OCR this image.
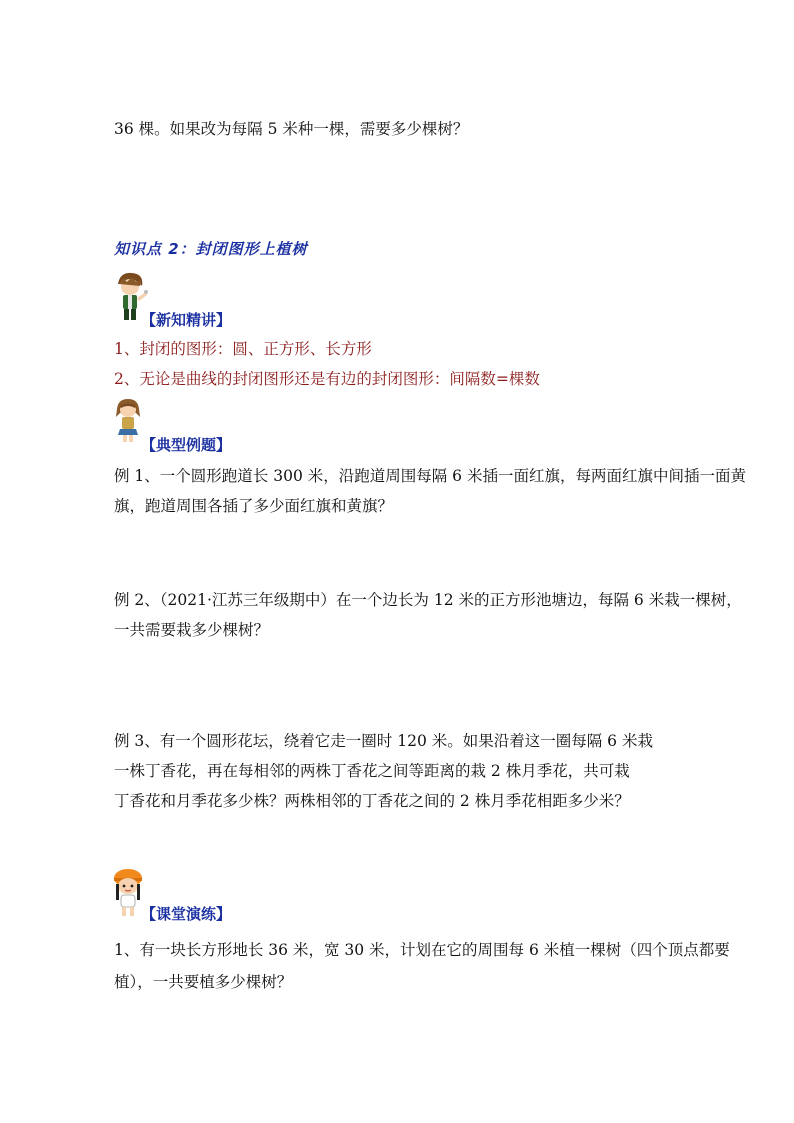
36 棵。如果改为每隔 5 米种一棵，需要多少棵树？
知识点 2：封闭图形上植树
【新知精讲】
1、封闭的图形：圆、正方形、长方形
2、无论是曲线的封闭图形还是有边的封闭图形：间隔数=棵数
【典型例题】
例 1、一个圆形跑道长 300 米，沿跑道周围每隔 6 米插一面红旗，每两面红旗中间插一面黄
旗，跑道周围各插了多少面红旗和黄旗？
例 2、（2021·江苏三年级期中）在一个边长为 12 米的正方形池塘边，每隔 6 米栽一棵树，
一共需要栽多少棵树？
例 3、有一个圆形花坛，绕着它走一圈时 120 米。如果沿着这一圈每隔 6 米栽
一株丁香花，再在每相邻的两株丁香花之间等距离的栽 2 株月季花，共可栽
丁香花和月季花多少株？两株相邻的丁香花之间的 2 株月季花相距多少米？
【课堂演练】
1、有一块长方形地长 36 米，宽 30 米，计划在它的周围每 6 米植一棵树（四个顶点都要
植），一共要植多少棵树？
